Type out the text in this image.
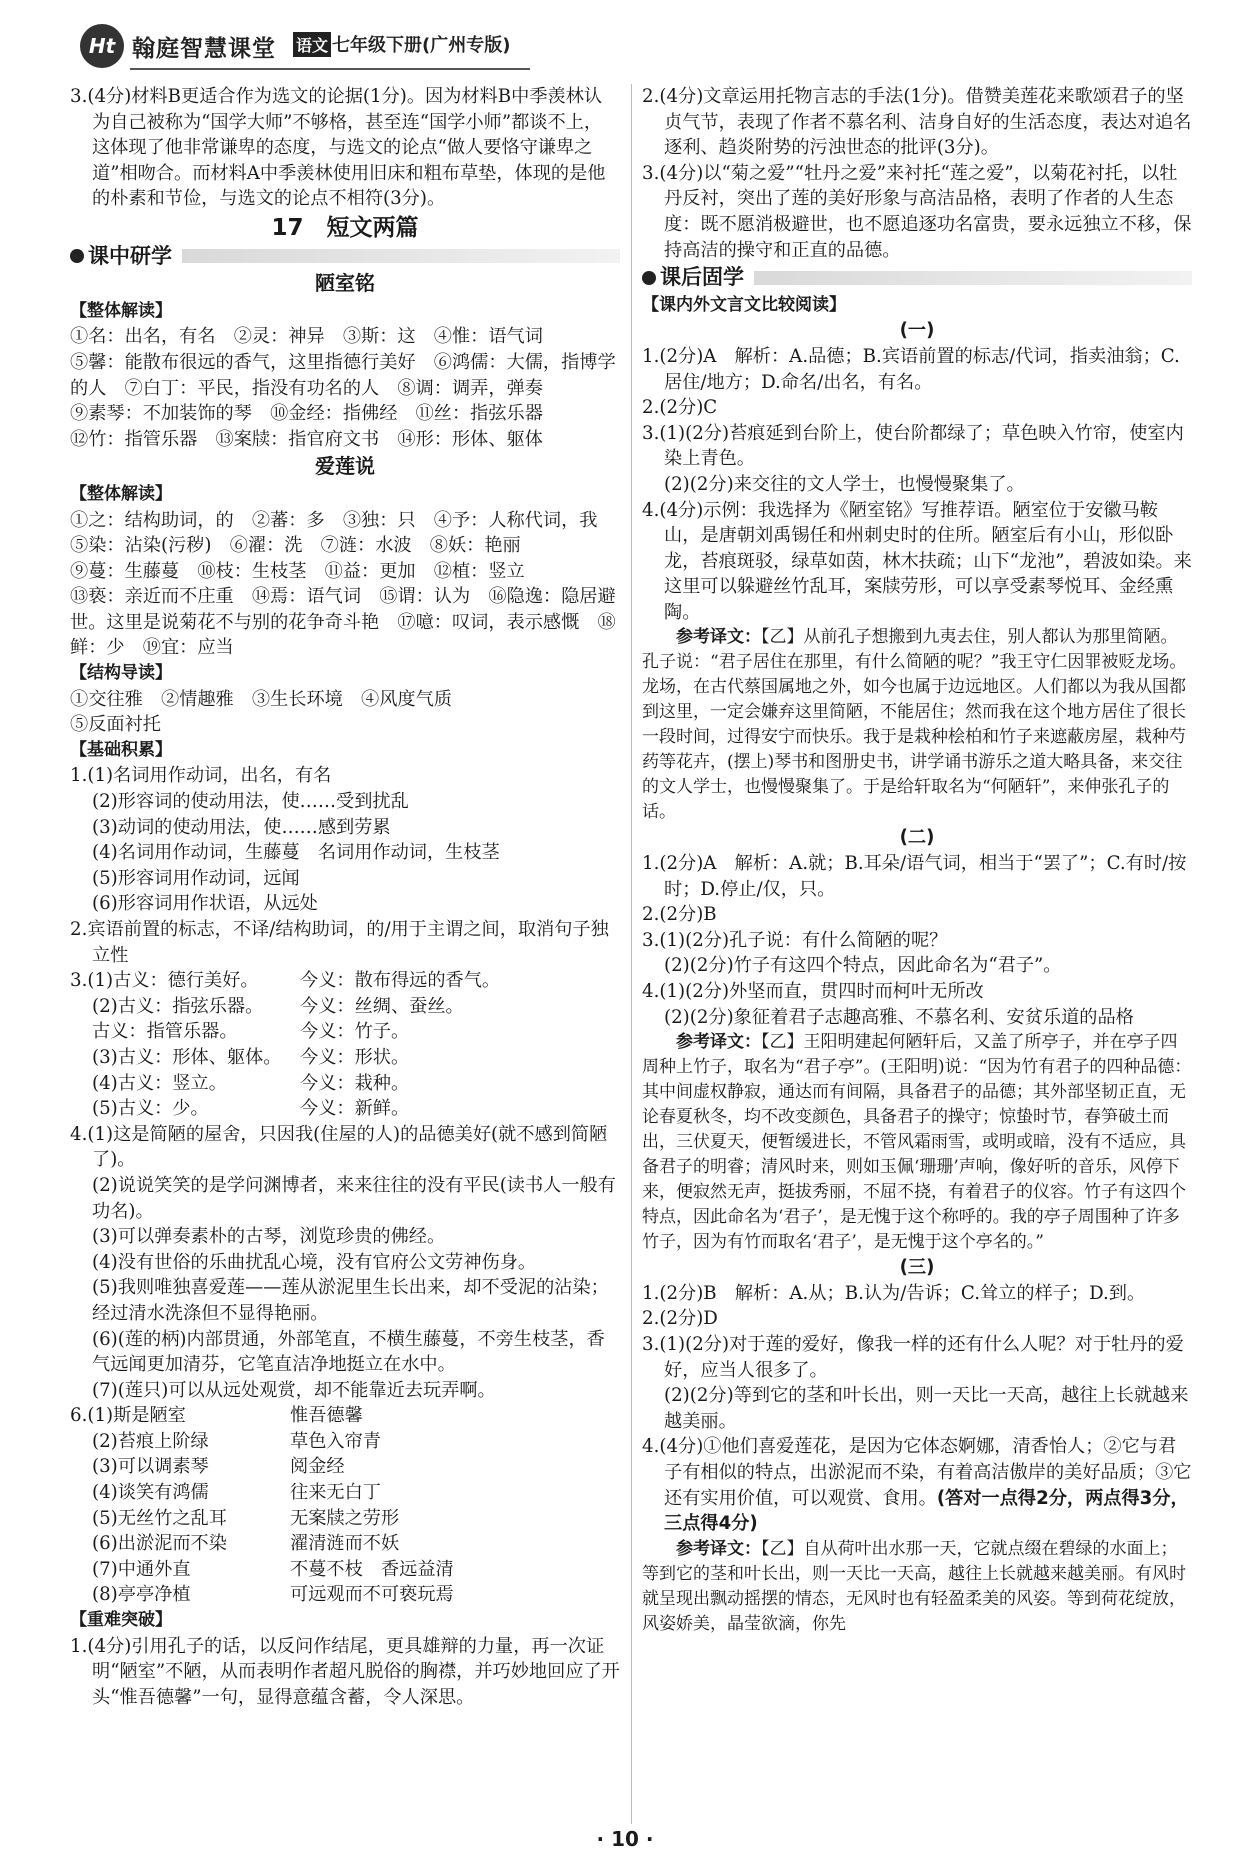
Ht 翰庭智慧课堂 语文 七年级下册(广州专版)

3.(4分)材料B更适合作为选文的论据(1分)。因为材料B中季羡林认为自己被称为“国学大师”不够格，甚至连“国学小师”都谈不上，这体现了他非常谦卑的态度，与选文的论点“做人要恪守谦卑之道”相吻合。而材料A中季羡林使用旧床和粗布草垫，体现的是他的朴素和节俭，与选文的论点不相符(3分)。

17　短文两篇
课中研学
陋室铭
【整体解读】

①名：出名，有名　②灵：神异　③斯：这　④惟：语气词

⑤馨：能散布很远的香气，这里指德行美好　⑥鸿儒：大儒，指博学的人　⑦白丁：平民，指没有功名的人　⑧调：调弄，弹奏

⑨素琴：不加装饰的琴　⑩金经：指佛经　⑪丝：指弦乐器

⑫竹：指管乐器　⑬案牍：指官府文书　⑭形：形体、躯体

爱莲说
【整体解读】

①之：结构助词，的　②蕃：多　③独：只　④予：人称代词，我

⑤染：沾染(污秽)　⑥濯：洗　⑦涟：水波　⑧妖：艳丽

⑨蔓：生藤蔓　⑩枝：生枝茎　⑪益：更加　⑫植：竖立

⑬亵：亲近而不庄重　⑭焉：语气词　⑮谓：认为　⑯隐逸：隐居避世。这里是说菊花不与别的花争奇斗艳　⑰噫：叹词，表示感慨　⑱鲜：少　⑲宜：应当

【结构导读】

①交往雅　②情趣雅　③生长环境　④风度气质

⑤反面衬托

【基础积累】

1.(1)名词用作动词，出名，有名

(2)形容词的使动用法，使……受到扰乱

(3)动词的使动用法，使……感到劳累

(4)名词用作动词，生藤蔓　名词用作动词，生枝茎

(5)形容词用作动词，远闻

(6)形容词用作状语，从远处

2.宾语前置的标志，不译/结构助词，的/用于主谓之间，取消句子独立性

3.(1)古义：德行美好。	今义：散布得远的香气。
(2)古义：指弦乐器。	今义：丝绸、蚕丝。
古义：指管乐器。	今义：竹子。
(3)古义：形体、躯体。	今义：形状。
(4)古义：竖立。	今义：栽种。
(5)古义：少。	今义：新鲜。

4.(1)这是简陋的屋舍，只因我(住屋的人)的品德美好(就不感到简陋了)。

(2)说说笑笑的是学问渊博者，来来往往的没有平民(读书人一般有功名)。

(3)可以弹奏素朴的古琴，浏览珍贵的佛经。

(4)没有世俗的乐曲扰乱心境，没有官府公文劳神伤身。

(5)我则唯独喜爱莲——莲从淤泥里生长出来，却不受泥的沾染；经过清水洗涤但不显得艳丽。

(6)(莲的柄)内部贯通，外部笔直，不横生藤蔓，不旁生枝茎，香气远闻更加清芬，它笔直洁净地挺立在水中。

(7)(莲只)可以从远处观赏，却不能靠近去玩弄啊。

6.(1)斯是陋室	惟吾德馨
(2)苔痕上阶绿	草色入帘青
(3)可以调素琴	阅金经
(4)谈笑有鸿儒	往来无白丁
(5)无丝竹之乱耳	无案牍之劳形
(6)出淤泥而不染	濯清涟而不妖
(7)中通外直	不蔓不枝　香远益清
(8)亭亭净植	可远观而不可亵玩焉
【重难突破】

1.(4分)引用孔子的话，以反问作结尾，更具雄辩的力量，再一次证明“陋室”不陋，从而表明作者超凡脱俗的胸襟，并巧妙地回应了开头“惟吾德馨”一句，显得意蕴含蓄，令人深思。

2.(4分)文章运用托物言志的手法(1分)。借赞美莲花来歌颂君子的坚贞气节，表现了作者不慕名利、洁身自好的生活态度，表达对追名逐利、趋炎附势的污浊世态的批评(3分)。

3.(4分)以“菊之爱”“牡丹之爱”来衬托“莲之爱”，以菊花衬托，以牡丹反衬，突出了莲的美好形象与高洁品格，表明了作者的人生态度：既不愿消极避世，也不愿追逐功名富贵，要永远独立不移，保持高洁的操守和正直的品德。

课后固学
【课内外文言文比较阅读】
(一)

1.(2分)A　解析：A.品德；B.宾语前置的标志/代词，指卖油翁；C.居住/地方；D.命名/出名，有名。

2.(2分)C

3.(1)(2分)苔痕延到台阶上，使台阶都绿了；草色映入竹帘，使室内染上青色。

(2)(2分)来交往的文人学士，也慢慢聚集了。

4.(4分)示例：我选择为《陋室铭》写推荐语。陋室位于安徽马鞍山，是唐朝刘禹锡任和州刺史时的住所。陋室后有小山，形似卧龙，苔痕斑驳，绿草如茵，林木扶疏；山下“龙池”，碧波如染。来这里可以躲避丝竹乱耳，案牍劳形，可以享受素琴悦耳、金经熏陶。

参考译文：【乙】从前孔子想搬到九夷去住，别人都认为那里简陋。孔子说：“君子居住在那里，有什么简陋的呢？”我王守仁因罪被贬龙场。龙场，在古代蔡国属地之外，如今也属于边远地区。人们都以为我从国都到这里，一定会嫌弃这里简陋，不能居住；然而我在这个地方居住了很长一段时间，过得安宁而快乐。我于是栽种桧柏和竹子来遮蔽房屋，栽种芍药等花卉，(摆上)琴书和图册史书，讲学诵书游乐之道大略具备，来交往的文人学士，也慢慢聚集了。于是给轩取名为“何陋轩”，来伸张孔子的话。

(二)

1.(2分)A　解析：A.就；B.耳朵/语气词，相当于“罢了”；C.有时/按时；D.停止/仅，只。

2.(2分)B

3.(1)(2分)孔子说：有什么简陋的呢？

(2)(2分)竹子有这四个特点，因此命名为“君子”。

4.(1)(2分)外坚而直，贯四时而柯叶无所改

(2)(2分)象征着君子志趣高雅、不慕名利、安贫乐道的品格

参考译文：【乙】王阳明建起何陋轩后，又盖了所亭子，并在亭子四周种上竹子，取名为“君子亭”。(王阳明)说：“因为竹有君子的四种品德：其中间虚权静寂，通达而有间隔，具备君子的品德；其外部坚韧正直，无论春夏秋冬，均不改变颜色，具备君子的操守；惊蛰时节，春笋破土而出，三伏夏天，便暂缓进长，不管风霜雨雪，或明或暗，没有不适应，具备君子的明睿；清风时来，则如玉佩‘珊珊’声响，像好听的音乐，风停下来，便寂然无声，挺拔秀丽，不屈不挠，有着君子的仪容。竹子有这四个特点，因此命名为‘君子’，是无愧于这个称呼的。我的亭子周围种了许多竹子，因为有竹而取名‘君子’，是无愧于这个亭名的。”

(三)

1.(2分)B　解析：A.从；B.认为/告诉；C.耸立的样子；D.到。

2.(2分)D

3.(1)(2分)对于莲的爱好，像我一样的还有什么人呢？对于牡丹的爱好，应当人很多了。

(2)(2分)等到它的茎和叶长出，则一天比一天高，越往上长就越来越美丽。

4.(4分)①他们喜爱莲花，是因为它体态婀娜，清香怡人；②它与君子有相似的特点，出淤泥而不染，有着高洁傲岸的美好品质；③它还有实用价值，可以观赏、食用。(答对一点得2分，两点得3分，三点得4分)

参考译文：【乙】自从荷叶出水那一天，它就点缀在碧绿的水面上；等到它的茎和叶长出，则一天比一天高，越往上长就越来越美丽。有风时就呈现出飘动摇摆的情态，无风时也有轻盈柔美的风姿。等到荷花绽放，风姿娇美，晶莹欲滴，你先

· 10 ·
